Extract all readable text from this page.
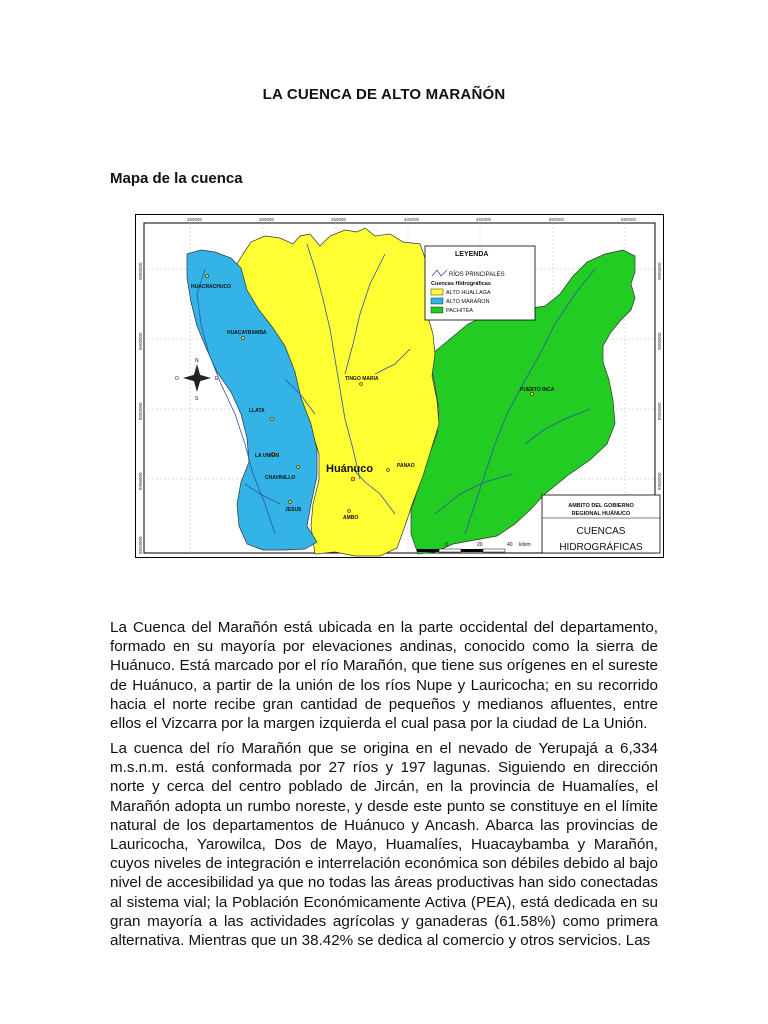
LA CUENCA DE ALTO MARAÑÓN
Mapa de la cuenca
250000	300000	350000	400000	450000	500000	550000
9050000
9000000
8950000
8900000
8850000
9050000
9000000
8950000
8900000
HUACRACHUCO
HUACAYBAMBA
LLATA
LA UNION
CHAVINILLO
JESUS
TINGO MARIA
PANAO
AMBO
PUERTO INCA
Huánuco
N
S
O	E
LEYENDA
RÍOS PRINCIPALES
Cuencas Hidrográficas
ALTO HUALLAGA
ALTO MARAÑON
PACHITEA
0	20	40 kilom
AMBITO DEL GOBIERNO
REGIONAL HUÁNUCO
CUENCAS
HIDROGRÁFICAS

La Cuenca del Marañón está ubicada en la parte occidental del departamento, formado en su mayoría por elevaciones andinas, conocido como la sierra de Huánuco. Está marcado por el río Marañón, que tiene sus orígenes en el sureste de Huánuco, a partir de la unión de los ríos Nupe y Lauricocha; en su recorrido hacia el norte recibe gran cantidad de pequeños y medianos afluentes, entre ellos el Vizcarra por la margen izquierda el cual pasa por la ciudad de La Unión.

La cuenca del río Marañón que se origina en el nevado de Yerupajá a 6,334 m.s.n.m. está conformada por 27 ríos y 197 lagunas. Siguiendo en dirección norte y cerca del centro poblado de Jircán, en la provincia de Huamalíes, el Marañón adopta un rumbo noreste, y desde este punto se constituye en el límite natural de los departamentos de Huánuco y Ancash. Abarca las provincias de Lauricocha, Yarowilca, Dos de Mayo, Huamalíes, Huacaybamba y Marañón, cuyos niveles de integración e interrelación económica son débiles debido al bajo nivel de accesibilidad ya que no todas las áreas productivas han sido conectadas al sistema vial; la Población Económicamente Activa (PEA), está dedicada en su gran mayoría a las actividades agrícolas y ganaderas (61.58%) como primera alternativa. Mientras que un 38.42% se dedica al comercio y otros servicios. Las
